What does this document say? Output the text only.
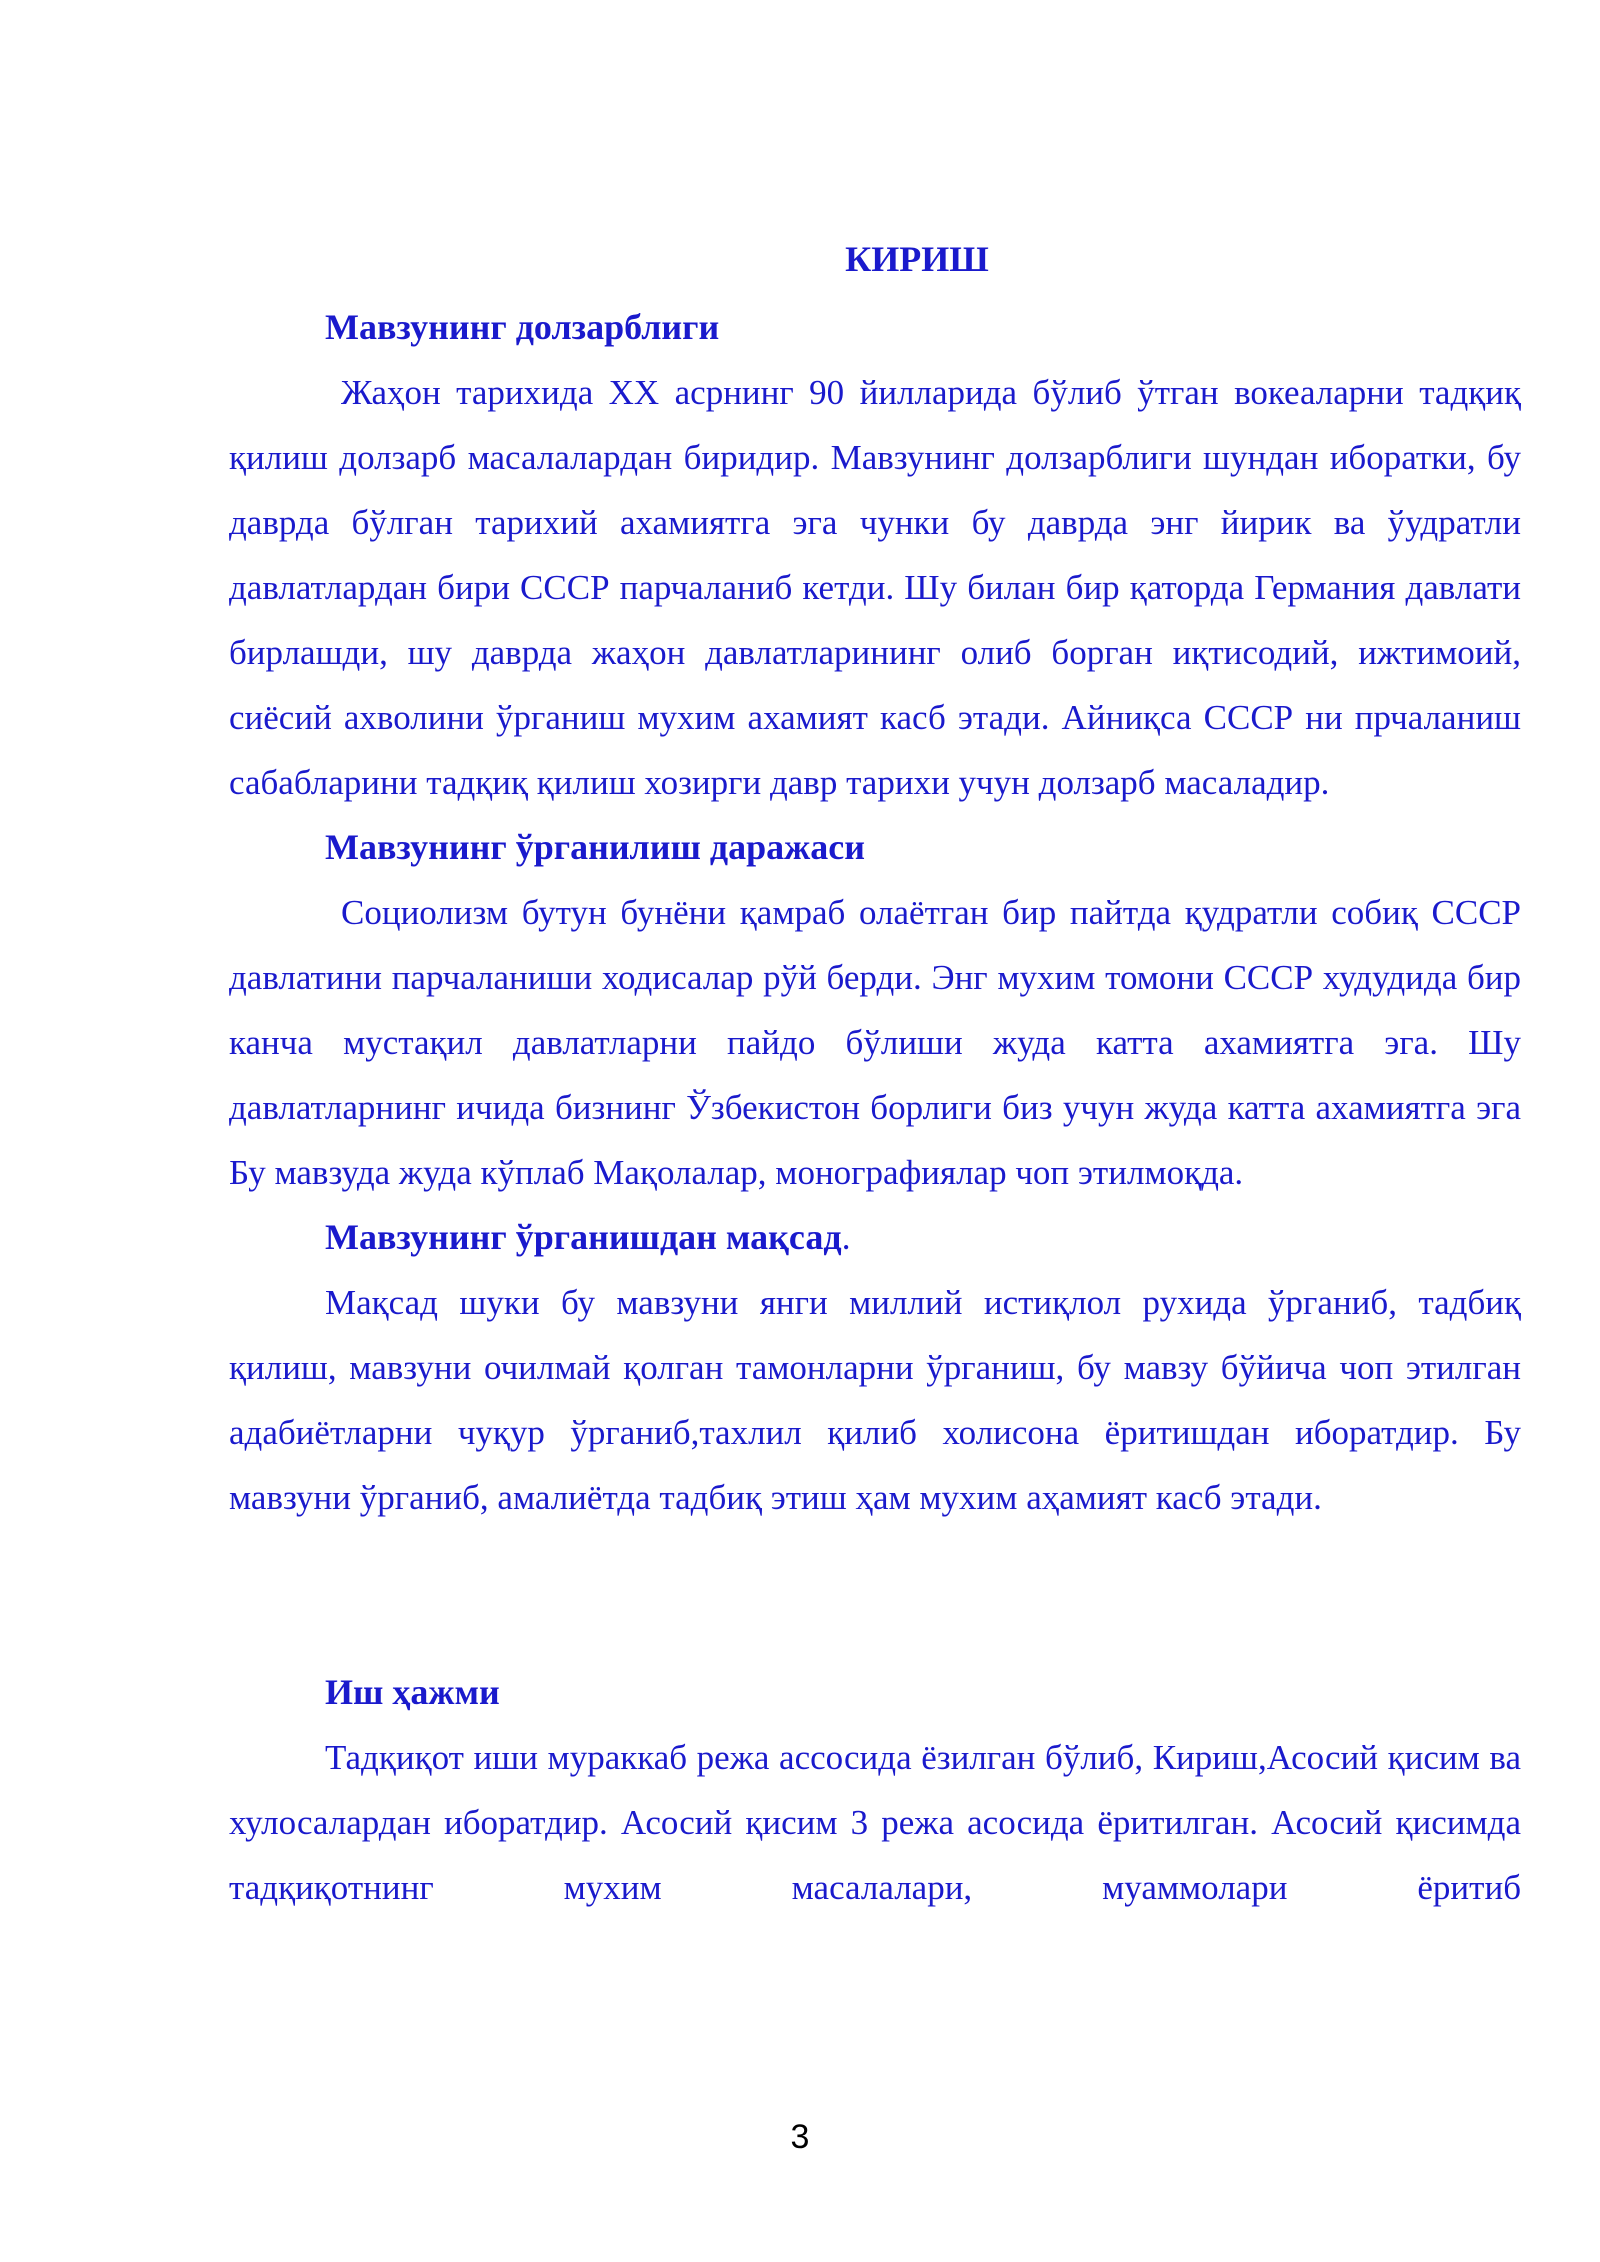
КИРИШ
Мавзунинг долзарблиги

Жаҳон тарихида ХХ асрнинг 90 йилларида бўлиб ўтган вокеаларни тадқиқ қилиш долзарб масалалардан биридир. Мавзунинг долзарблиги шундан иборатки, бу даврда бўлган тарихий ахамиятга эга чунки бу даврда энг йирик ва ўудратли давлатлардан бири СССР парчаланиб кетди. Шу билан бир қаторда Германия давлати бирлашди, шу даврда жаҳон давлатларининг олиб борган иқтисодий, ижтимоий, сиёсий ахволини ўрганиш мухим ахамият касб этади. Айниқса СССР ни прчаланиш сабабларини тадқиқ қилиш хозирги давр тарихи учун долзарб масаладир.

Мавзунинг ўрганилиш даражаси

Социолизм бутун бунёни қамраб олаётган бир пайтда қудратли собиқ СССР давлатини парчаланиши ходисалар рўй берди. Энг мухим томони СССР худудида бир канча мустақил давлатларни пайдо бўлиши жуда катта ахамиятга эга. Шу давлатларнинг ичида бизнинг Ўзбекистон борлиги биз учун жуда катта ахамиятга эга Бу мавзуда жуда кўплаб Мақолалар, монографиялар чоп этилмоқда.

Мавзунинг ўрганишдан мақсад.

Мақсад шуки бу мавзуни янги миллий истиқлол рухида ўрганиб, тадбиқ қилиш, мавзуни очилмай қолган тамонларни ўрганиш, бу мавзу бўйича чоп этилган адабиётларни чуқур ўрганиб,тахлил қилиб холисона ёритишдан иборатдир. Бу мавзуни ўрганиб, амалиётда тадбиқ этиш ҳам мухим аҳамият касб этади.

Иш ҳажми

Тадқиқот иши мураккаб режа ассосида ёзилган бўлиб, Кириш,Асосий қисим ва хулосалардан иборатдир. Асосий қисим 3 режа асосида ёритилган. Асосий қисимда тадқиқотнинг мухим масалалари, муаммолари ёритиб

3
